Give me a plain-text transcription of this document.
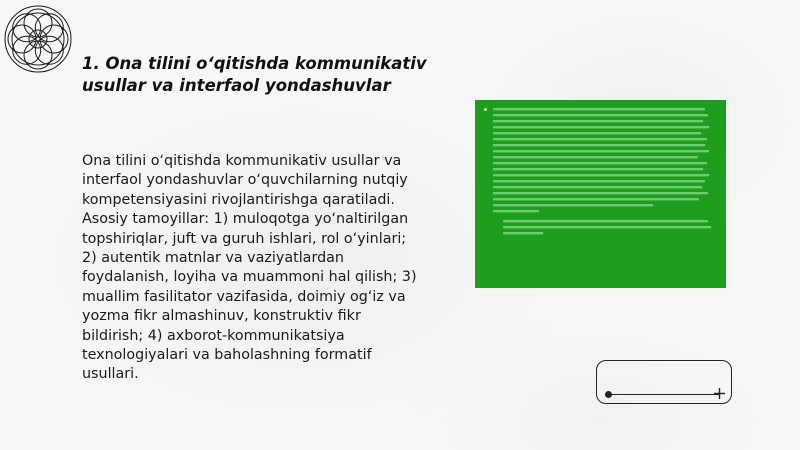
1. Ona tilini o‘qitishda kommunikativ usullar va interfaol yondashuvlar

Ona tilini o‘qitishda kommunikativ usullar va interfaol yondashuvlar o‘quvchilarning nutqiy kompetensiyasini rivojlantirishga qaratiladi. Asosiy tamoyillar: 1) muloqotga yo‘naltirilgan topshiriqlar, juft va guruh ishlari, rol o‘yinlari; 2) autentik matnlar va vaziyatlardan foydalanish, loyiha va muammoni hal qilish; 3) muallim fasilitator vazifasida, doimiy og‘iz va yozma fikr almashinuv, konstruktiv fikr bildirish; 4) axborot-kommunikatsiya texnologiyalari va baholashning formatif usullari.
